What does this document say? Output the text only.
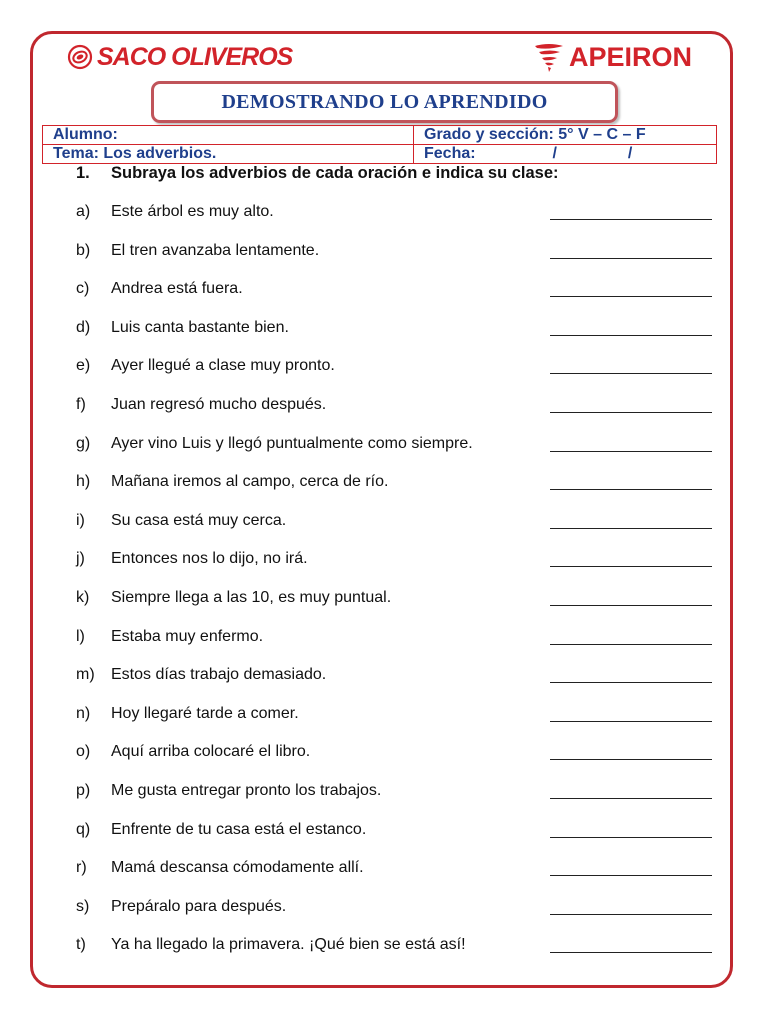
SACO OLIVEROS	APEIRON
DEMOSTRANDO LO APRENDIDO
Alumno:	Grado y sección: 5° V – C – F
Tema: Los adverbios.	Fecha: / /
1. Subraya los adverbios de cada oración e indica su clase:
a) Este árbol es muy alto.
b) El tren avanzaba lentamente.
c) Andrea está fuera.
d) Luis canta bastante bien.
e) Ayer llegué a clase muy pronto.
f) Juan regresó mucho después.
g) Ayer vino Luis y llegó puntualmente como siempre.
h) Mañana iremos al campo, cerca de río.
i) Su casa está muy cerca.
j) Entonces nos lo dijo, no irá.
k) Siempre llega a las 10, es muy puntual.
l) Estaba muy enfermo.
m) Estos días trabajo demasiado.
n) Hoy llegaré tarde a comer.
o) Aquí arriba colocaré el libro.
p) Me gusta entregar pronto los trabajos.
q) Enfrente de tu casa está el estanco.
r) Mamá descansa cómodamente allí.
s) Prepáralo para después.
t) Ya ha llegado la primavera. ¡Qué bien se está así!
